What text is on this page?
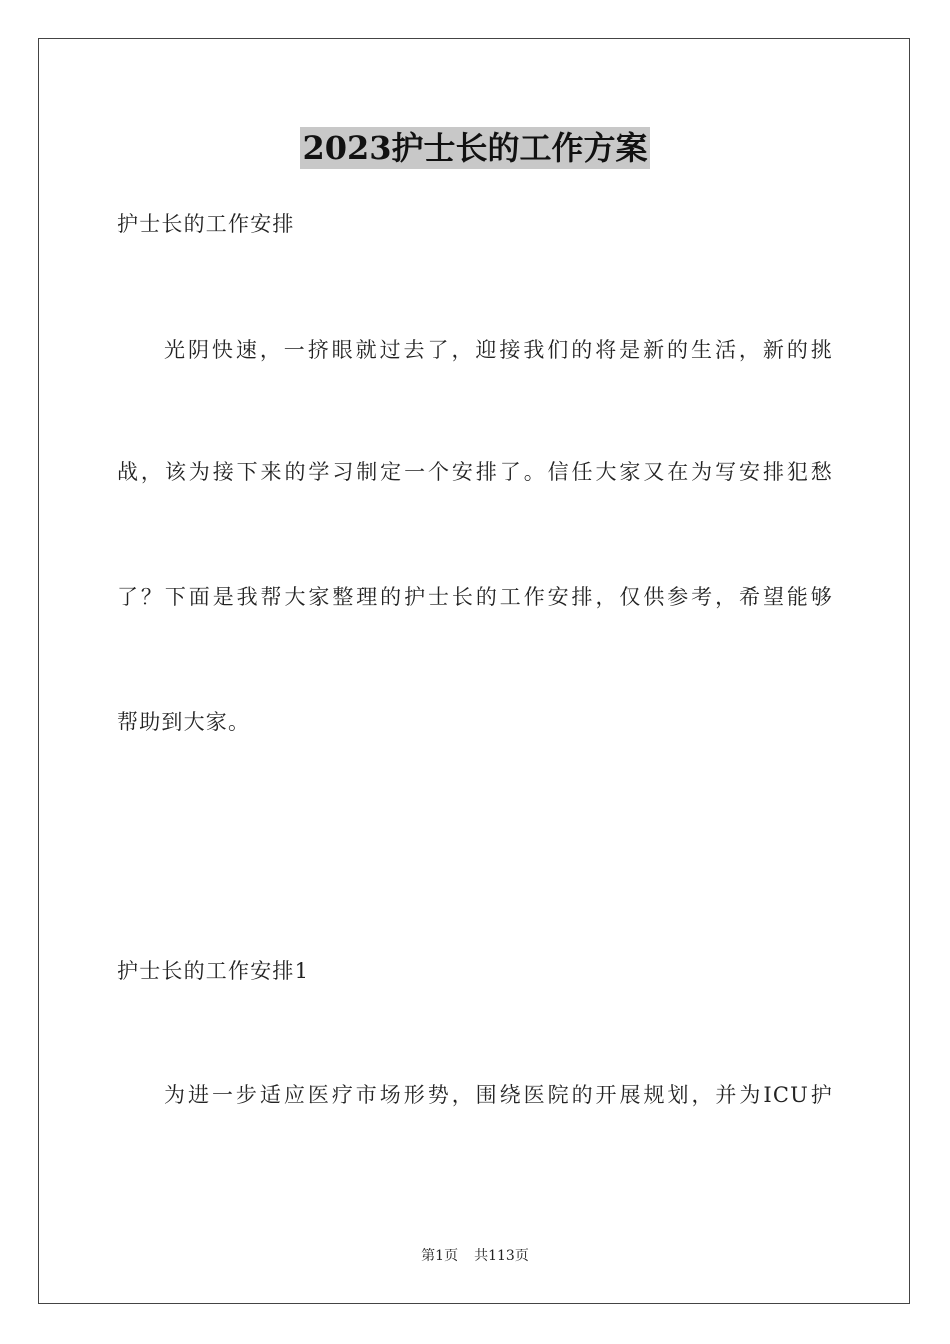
2023护士长的工作方案
护士长的工作安排
光阴快速，一挤眼就过去了，迎接我们的将是新的生活，新的挑
战，该为接下来的学习制定一个安排了。信任大家又在为写安排犯愁
了？下面是我帮大家整理的护士长的工作安排，仅供参考，希望能够
帮助到大家。
护士长的工作安排1
为进一步适应医疗市场形势，围绕医院的开展规划，并为ICU护
第1页 共113页
